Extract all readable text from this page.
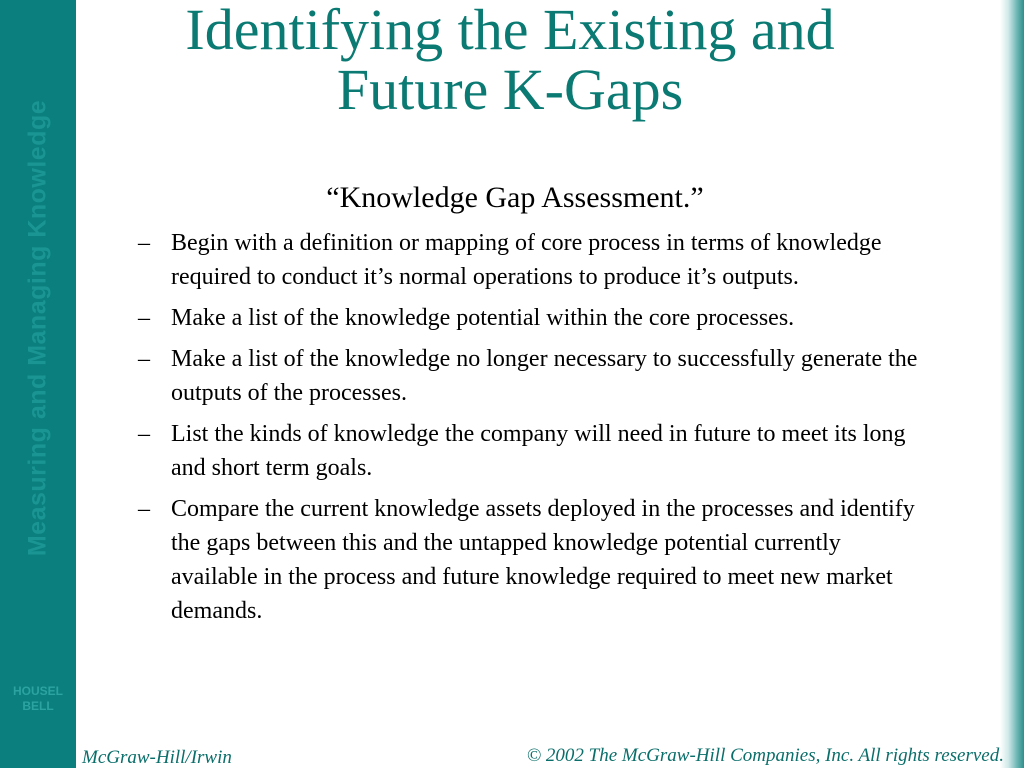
Measuring and Managing Knowledge
HOUSEL
BELL
Identifying the Existing and
Future K-Gaps
“Knowledge Gap Assessment.”
– Begin with a definition or mapping of core process in terms of knowledge required to conduct it’s normal operations to produce it’s outputs.
– Make a list of the knowledge potential within the core processes.
– Make a list of the knowledge no longer necessary to successfully generate the outputs of the processes.
– List the kinds of knowledge the company will need in future to meet its long and short term goals.
– Compare the current knowledge assets deployed in the processes and identify the gaps between this and the untapped knowledge potential currently available in the process and future knowledge required to meet new market demands.
McGraw-Hill/Irwin	© 2002 The McGraw-Hill Companies, Inc. All rights reserved.
